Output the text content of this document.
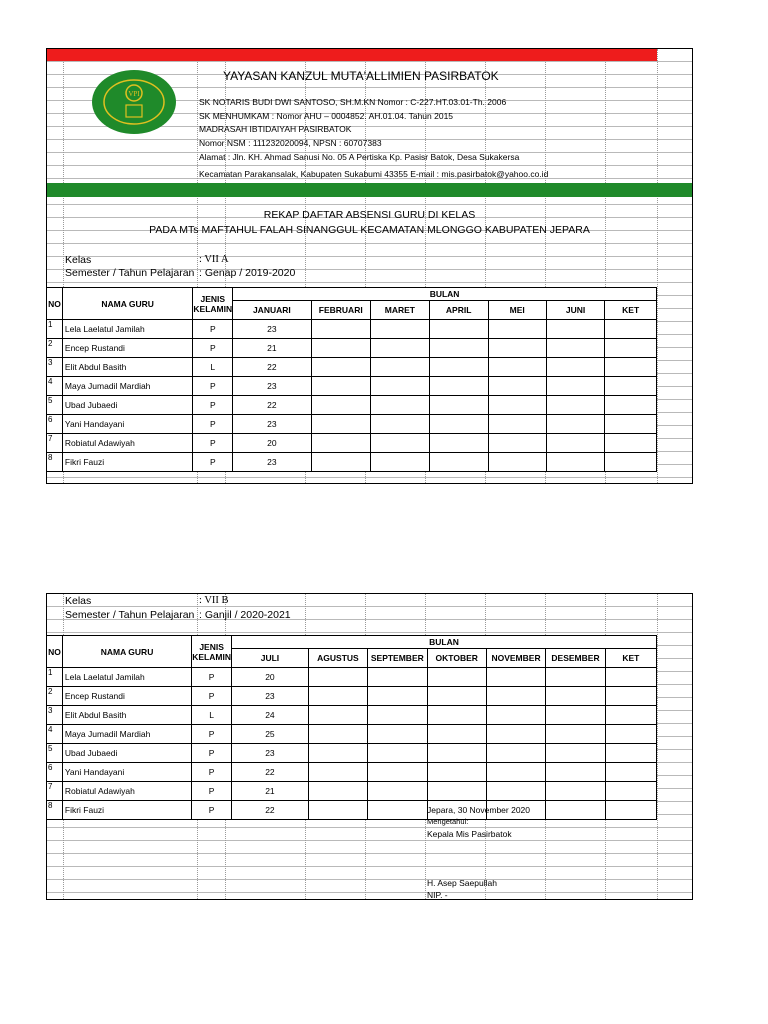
VPI
YAYASAN KANZUL MUTA'ALLIMIEN PASIRBATOK
SK NOTARIS BUDI DWI SANTOSO, SH.M.KN Nomor : C-227.HT.03.01-Th. 2006
SK MENHUMKAM : Nomor AHU – 0004852. AH.01.04. Tahun 2015
MADRASAH IBTIDAIYAH PASIRBATOK
Nomor NSM : 111232020094, NPSN : 60707383
Alamat : Jln. KH. Ahmad Sanusi No. 05 A Pertiska Kp. Pasisr Batok, Desa Sukakersa
Kecamatan Parakansalak, Kabupaten Sukabumi 43355 E-mail : mis.pasirbatok@yahoo.co.id
REKAP DAFTAR ABSENSI GURU DI KELAS
PADA MTs MAFTAHUL FALAH SINANGGUL KECAMATAN MLONGGO KABUPATEN JEPARA
Kelas	: VII A
Semester / Tahun Pelajaran : Genap / 2019-2020
NO	NAMA GURU	JENIS
KELAMIN	BULAN						
			JANUARI	FEBRUARI	MARET	APRIL	MEI	JUNI	KET
1	Lela Laelatul Jamilah	P	23						
2	Encep Rustandi	P	21						
3	Elit Abdul Basith	L	22						
4	Maya Jumadil Mardiah	P	23						
5	Ubad Jubaedi	P	22						
6	Yani Handayani	P	23						
7	Robiatul Adawiyah	P	20						
8	Fikri Fauzi	P	23						
Kelas	: VII B
Semester / Tahun Pelajaran : Ganjil / 2020-2021
NO	NAMA GURU	JENIS
KELAMIN	BULAN						
			JULI	AGUSTUS	SEPTEMBER	OKTOBER	NOVEMBER	DESEMBER	KET
1	Lela Laelatul Jamilah	P	20						
2	Encep Rustandi	P	23						
3	Elit Abdul Basith	L	24						
4	Maya Jumadil Mardiah	P	25						
5	Ubad Jubaedi	P	23						
6	Yani Handayani	P	22						
7	Robiatul Adawiyah	P	21						
8	Fikri Fauzi	P	22							Jepara, 30 November 2020
Mengetahui:
Kepala Mis Pasirbatok
H. Asep Saepullah
NIP. -
